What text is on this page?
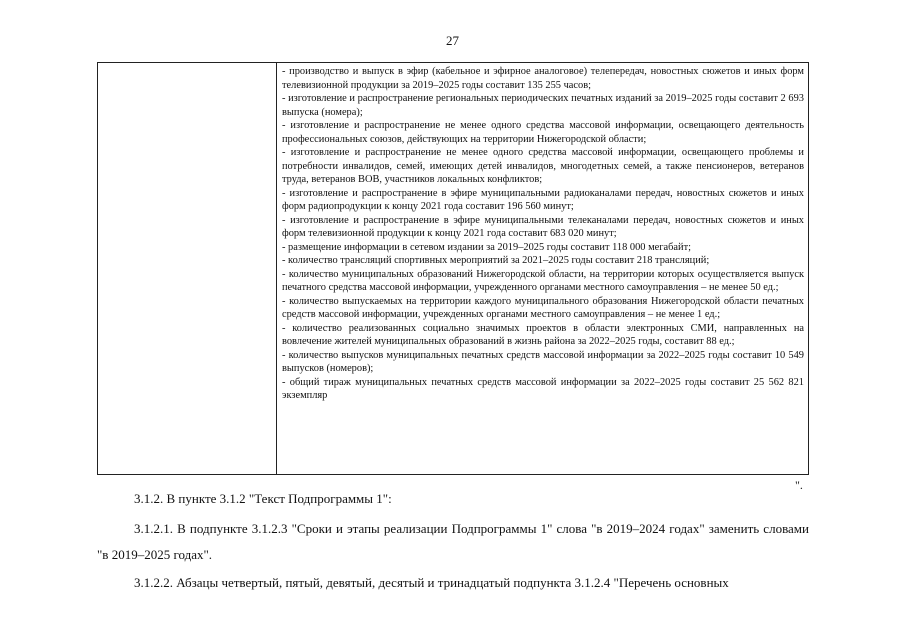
27

- производство и выпуск в эфир (кабельное и эфирное аналоговое) телепередач, новостных сюжетов и иных форм телевизионной продукции за 2019–2025 годы составит 135 255 часов;

- изготовление и распространение региональных периодических печатных изданий за 2019–2025 годы составит 2 693 выпуска (номера);

- изготовление и распространение не менее одного средства массовой информации, освещающего деятельность профессиональных союзов, действующих на территории Нижегородской области;

- изготовление и распространение не менее одного средства массовой информации, освещающего проблемы и потребности инвалидов, семей, имеющих детей инвалидов, многодетных семей, а также пенсионеров, ветеранов труда, ветеранов ВОВ, участников локальных конфликтов;

- изготовление и распространение в эфире муниципальными радиоканалами передач, новостных сюжетов и иных форм радиопродукции к концу 2021 года составит 196 560 минут;

- изготовление и распространение в эфире муниципальными телеканалами передач, новостных сюжетов и иных форм телевизионной продукции к концу 2021 года составит 683 020 минут;

- размещение информации в сетевом издании за 2019–2025 годы составит 118 000 мегабайт;

- количество трансляций спортивных мероприятий за 2021–2025 годы составит 218 трансляций;

- количество муниципальных образований Нижегородской области, на территории которых осуществляется выпуск печатного средства массовой информации, учрежденного органами местного самоуправления – не менее 50 ед.;

- количество выпускаемых на территории каждого муниципального образования Нижегородской области печатных средств массовой информации, учрежденных органами местного самоуправления – не менее 1 ед.;

- количество реализованных социально значимых проектов в области электронных СМИ, направленных на вовлечение жителей муниципальных образований в жизнь района за 2022–2025 годы, составит 88 ед.;

- количество выпусков муниципальных печатных средств массовой информации за 2022–2025 годы составит 10 549 выпусков (номеров);

- общий тираж муниципальных печатных средств массовой информации за 2022–2025 годы составит 25 562 821 экземпляр

".

3.1.2. В пункте 3.1.2 "Текст Подпрограммы 1":

3.1.2.1. В подпункте 3.1.2.3 "Сроки и этапы реализации Подпрограммы 1" слова "в 2019–2024 годах" заменить словами "в 2019–2025 годах".

3.1.2.2. Абзацы четвертый, пятый, девятый, десятый и тринадцатый подпункта 3.1.2.4 "Перечень основных
